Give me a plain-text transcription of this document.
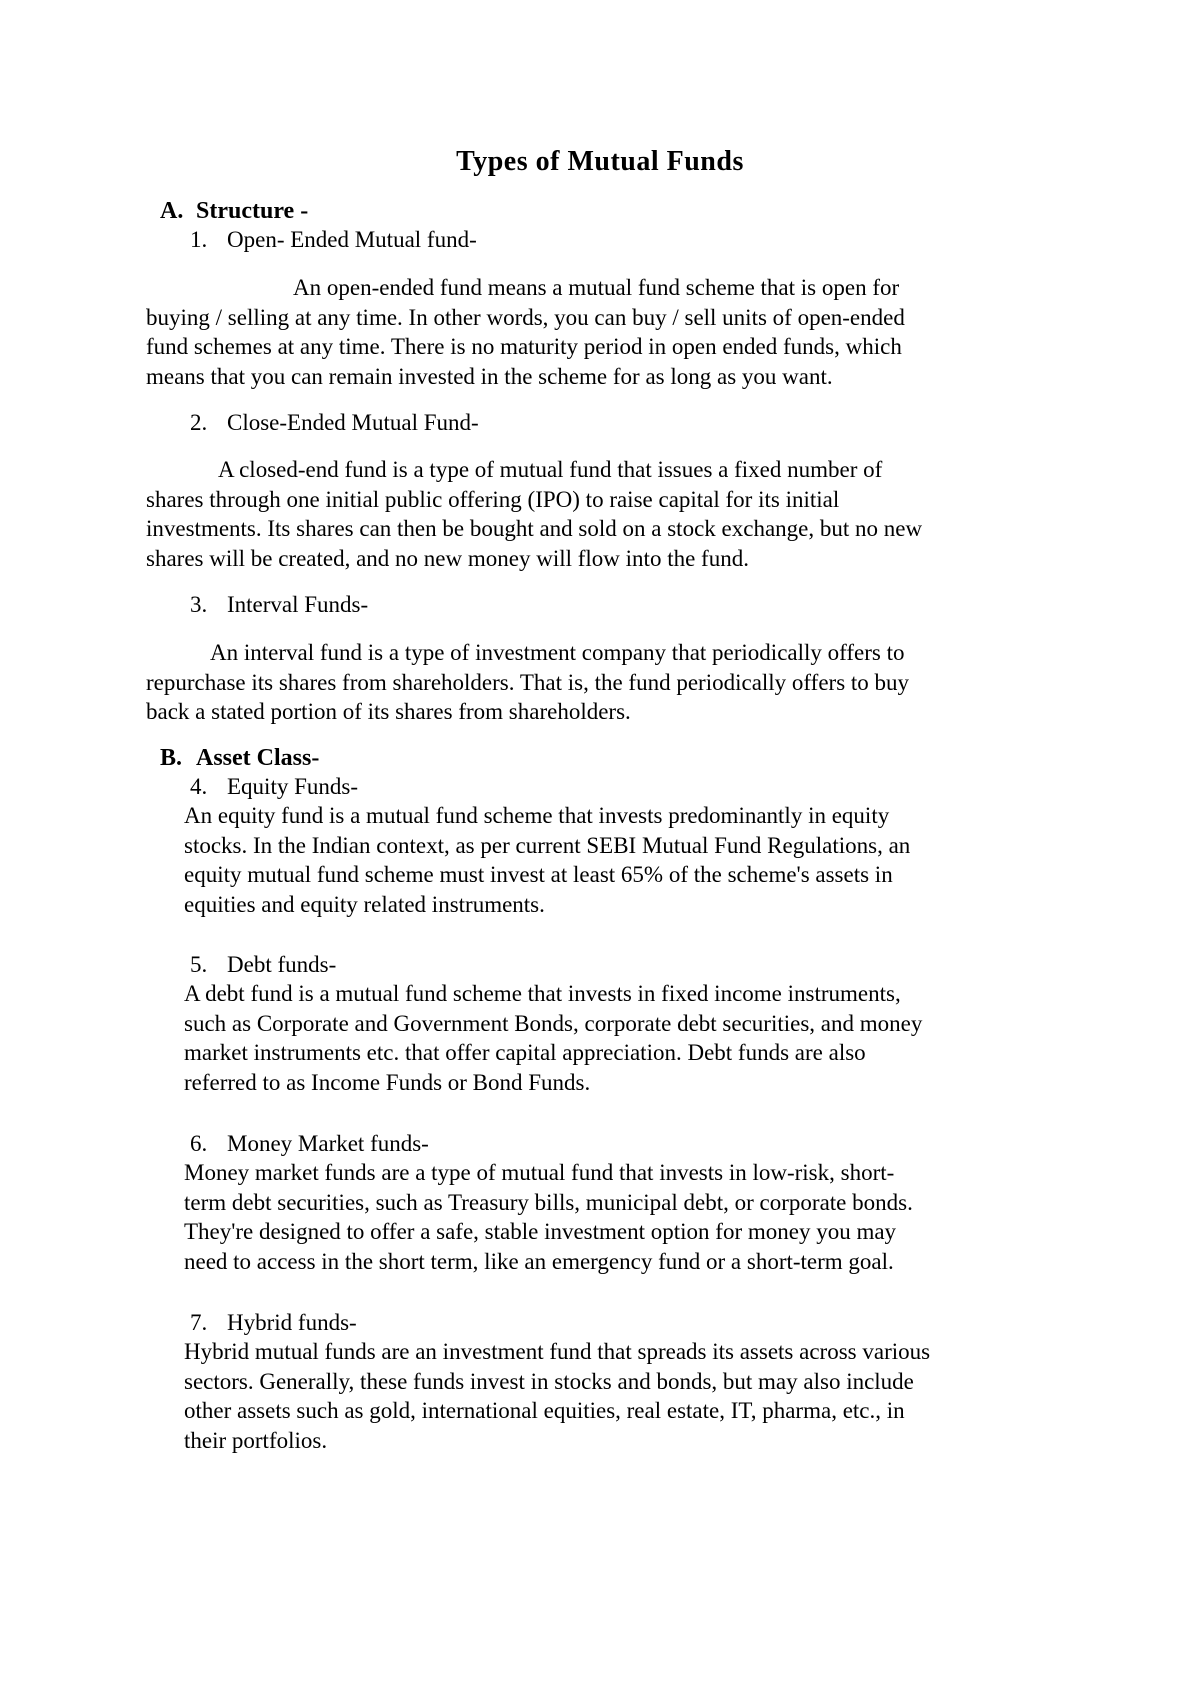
Types of Mutual Funds
A. Structure -
1. Open- Ended Mutual fund-
An open-ended fund means a mutual fund scheme that is open for
buying / selling at any time. In other words, you can buy / sell units of open-ended
fund schemes at any time. There is no maturity period in open ended funds, which
means that you can remain invested in the scheme for as long as you want.
2. Close-Ended Mutual Fund-
A closed-end fund is a type of mutual fund that issues a fixed number of
shares through one initial public offering (IPO) to raise capital for its initial
investments. Its shares can then be bought and sold on a stock exchange, but no new
shares will be created, and no new money will flow into the fund.
3. Interval Funds-
An interval fund is a type of investment company that periodically offers to
repurchase its shares from shareholders. That is, the fund periodically offers to buy
back a stated portion of its shares from shareholders.
B. Asset Class-
4. Equity Funds-
An equity fund is a mutual fund scheme that invests predominantly in equity
stocks. In the Indian context, as per current SEBI Mutual Fund Regulations, an
equity mutual fund scheme must invest at least 65% of the scheme's assets in
equities and equity related instruments.
5. Debt funds-
A debt fund is a mutual fund scheme that invests in fixed income instruments,
such as Corporate and Government Bonds, corporate debt securities, and money
market instruments etc. that offer capital appreciation. Debt funds are also
referred to as Income Funds or Bond Funds.
6. Money Market funds-
Money market funds are a type of mutual fund that invests in low-risk, short-
term debt securities, such as Treasury bills, municipal debt, or corporate bonds.
They're designed to offer a safe, stable investment option for money you may
need to access in the short term, like an emergency fund or a short-term goal.
7. Hybrid funds-
Hybrid mutual funds are an investment fund that spreads its assets across various
sectors. Generally, these funds invest in stocks and bonds, but may also include
other assets such as gold, international equities, real estate, IT, pharma, etc., in
their portfolios.
